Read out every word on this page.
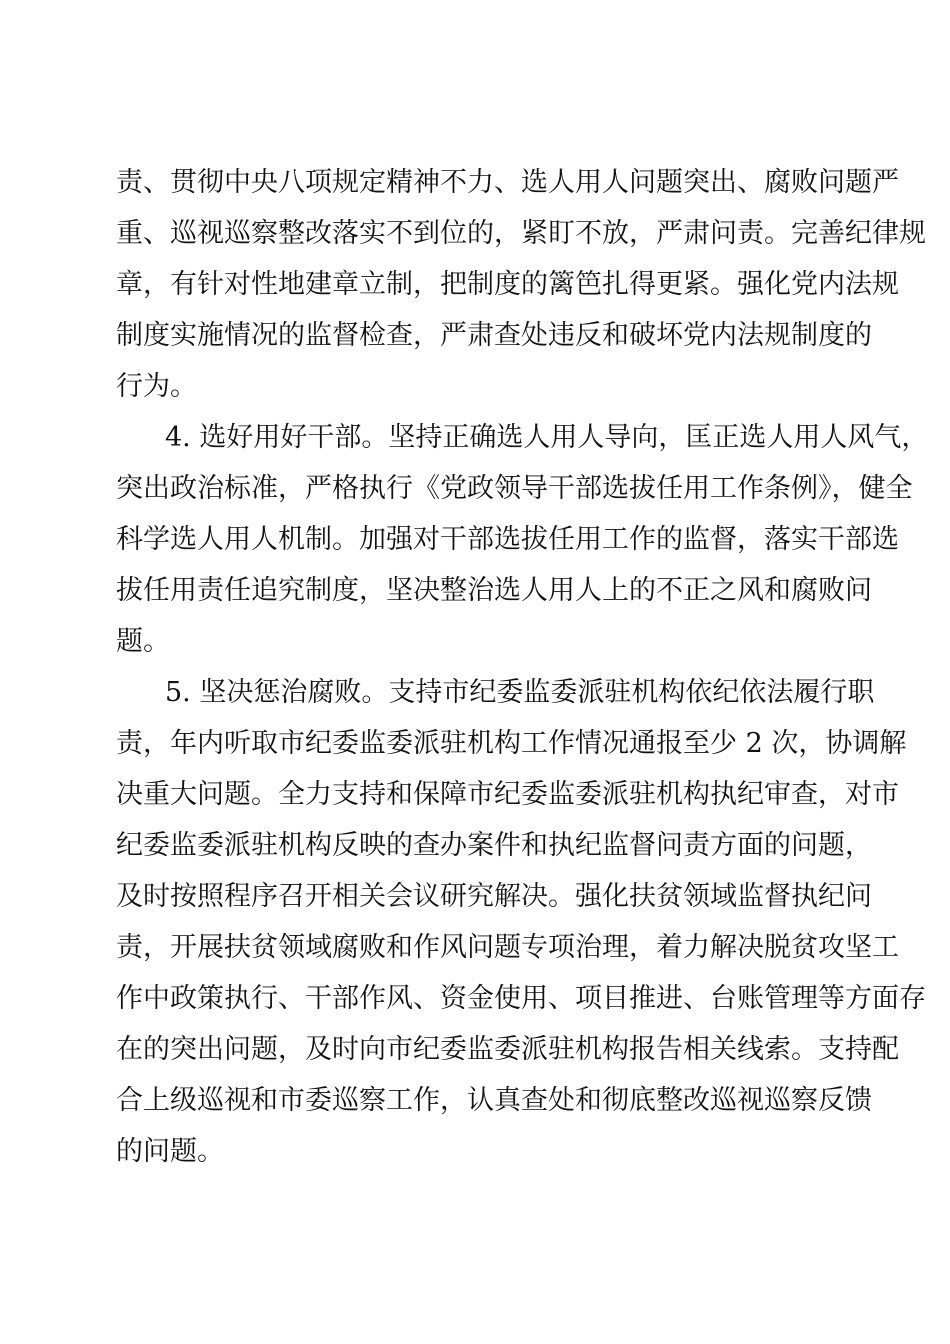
责、贯彻中央八项规定精神不力、选人用人问题突出、腐败问题严
重、巡视巡察整改落实不到位的，紧盯不放，严肃问责。完善纪律规
章，有针对性地建章立制，把制度的篱笆扎得更紧。强化党内法规
制度实施情况的监督检查，严肃查处违反和破坏党内法规制度的
行为。
4. 选好用好干部。坚持正确选人用人导向，匡正选人用人风气，
突出政治标准，严格执行《党政领导干部选拔任用工作条例》，健全
科学选人用人机制。加强对干部选拔任用工作的监督，落实干部选
拔任用责任追究制度，坚决整治选人用人上的不正之风和腐败问
题。
5. 坚决惩治腐败。支持市纪委监委派驻机构依纪依法履行职
责，年内听取市纪委监委派驻机构工作情况通报至少 2 次，协调解
决重大问题。全力支持和保障市纪委监委派驻机构执纪审查，对市
纪委监委派驻机构反映的查办案件和执纪监督问责方面的问题，
及时按照程序召开相关会议研究解决。强化扶贫领域监督执纪问
责，开展扶贫领域腐败和作风问题专项治理，着力解决脱贫攻坚工
作中政策执行、干部作风、资金使用、项目推进、台账管理等方面存
在的突出问题，及时向市纪委监委派驻机构报告相关线索。支持配
合上级巡视和市委巡察工作，认真查处和彻底整改巡视巡察反馈
的问题。
